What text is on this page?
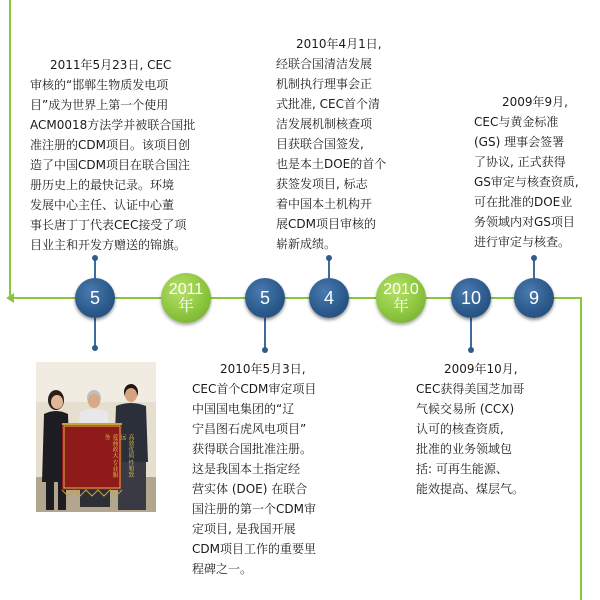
5	2011
年	5	4	2010
年	10	9
2011年5月23日, CEC
审核的“邯郸生物质发电项
目”成为世界上第一个使用
ACM0018方法学并被联合国批
准注册的CDM项目。该项目创
造了中国CDM项目在联合国注
册历史上的最快记录。环境
发展中心主任、认证中心董
事长唐丁丁代表CEC接受了项
目业主和开发方赠送的锦旗。
2010年4月1日,
经联合国清洁发展
机制执行理事会正
式批准, CEC首个清
洁发展机制核查项
目获联合国签发,
也是本土DOE的首个
获签发项目, 标志
着中国本土机构开
展CDM项目审核的
崭新成绩。
2009年9月,
CEC与黄金标准
(GS) 理事会签署
了协议, 正式获得
GS审定与核查资质,
可在批准的DOE业
务领域内对GS项目
进行审定与核查。
2010年5月3日,
CEC首个CDM审定项目
中国国电集团的“辽
宁昌图石虎风电项目”
获得联合国批准注册。
这是我国本土指定经
营实体 (DOE) 在联合
国注册的第一个CDM审
定项目, 是我国开展
CDM项目工作的重要里
程碑之一。
2009年10月,
CEC获得美国芝加哥
气候交易所 (CCX)
认可的核查资质,
批准的业务领域包
括: 可再生能源、
能效提高、煤层气。
爱商政大 专业服务	高效优质 性和致远
